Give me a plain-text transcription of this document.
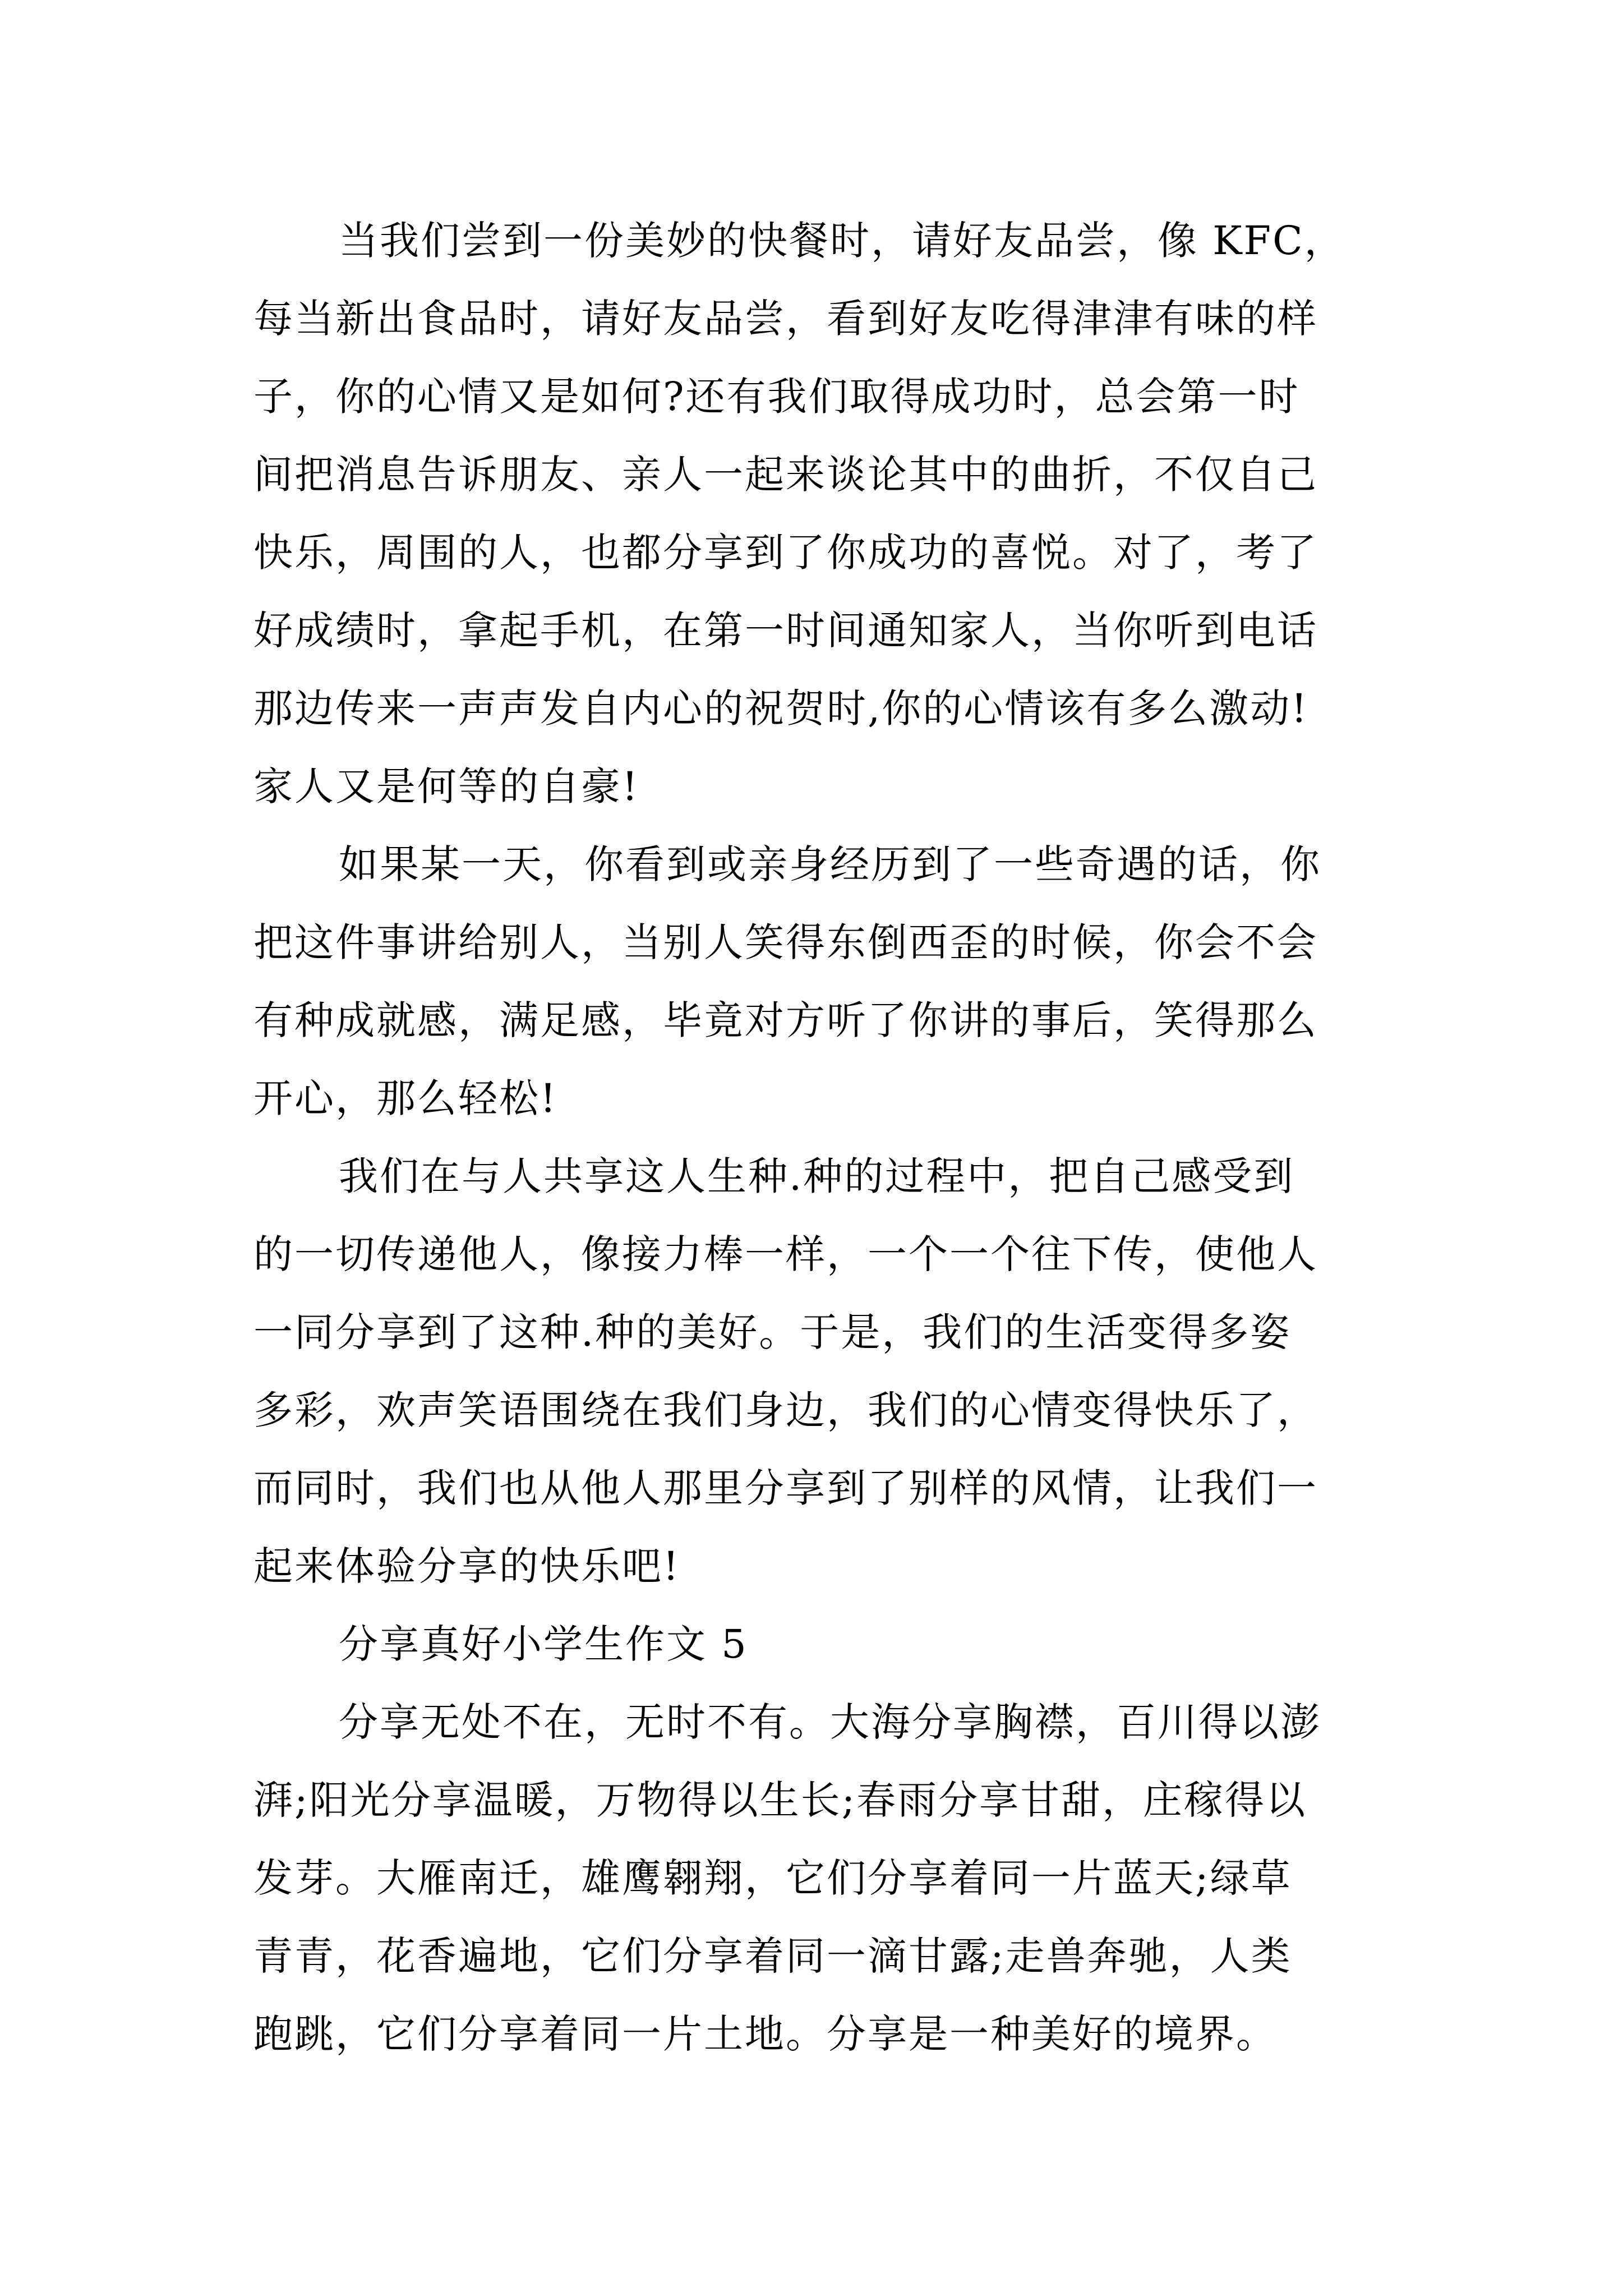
当我们尝到一份美妙的快餐时，请好友品尝，像 KFC，
每当新出食品时，请好友品尝，看到好友吃得津津有味的样
子，你的心情又是如何?还有我们取得成功时，总会第一时
间把消息告诉朋友、亲人一起来谈论其中的曲折，不仅自己
快乐，周围的人，也都分享到了你成功的喜悦。对了，考了
好成绩时，拿起手机，在第一时间通知家人，当你听到电话
那边传来一声声发自内心的祝贺时,你的心情该有多么激动!
家人又是何等的自豪!
如果某一天，你看到或亲身经历到了一些奇遇的话，你
把这件事讲给别人，当别人笑得东倒西歪的时候，你会不会
有种成就感，满足感，毕竟对方听了你讲的事后，笑得那么
开心，那么轻松!
我们在与人共享这人生种.种的过程中，把自己感受到
的一切传递他人，像接力棒一样，一个一个往下传，使他人
一同分享到了这种.种的美好。于是，我们的生活变得多姿
多彩，欢声笑语围绕在我们身边，我们的心情变得快乐了，
而同时，我们也从他人那里分享到了别样的风情，让我们一
起来体验分享的快乐吧!
分享真好小学生作文 5
分享无处不在，无时不有。大海分享胸襟，百川得以澎
湃;阳光分享温暖，万物得以生长;春雨分享甘甜，庄稼得以
发芽。大雁南迁，雄鹰翱翔，它们分享着同一片蓝天;绿草
青青，花香遍地，它们分享着同一滴甘露;走兽奔驰，人类
跑跳，它们分享着同一片土地。分享是一种美好的境界。
